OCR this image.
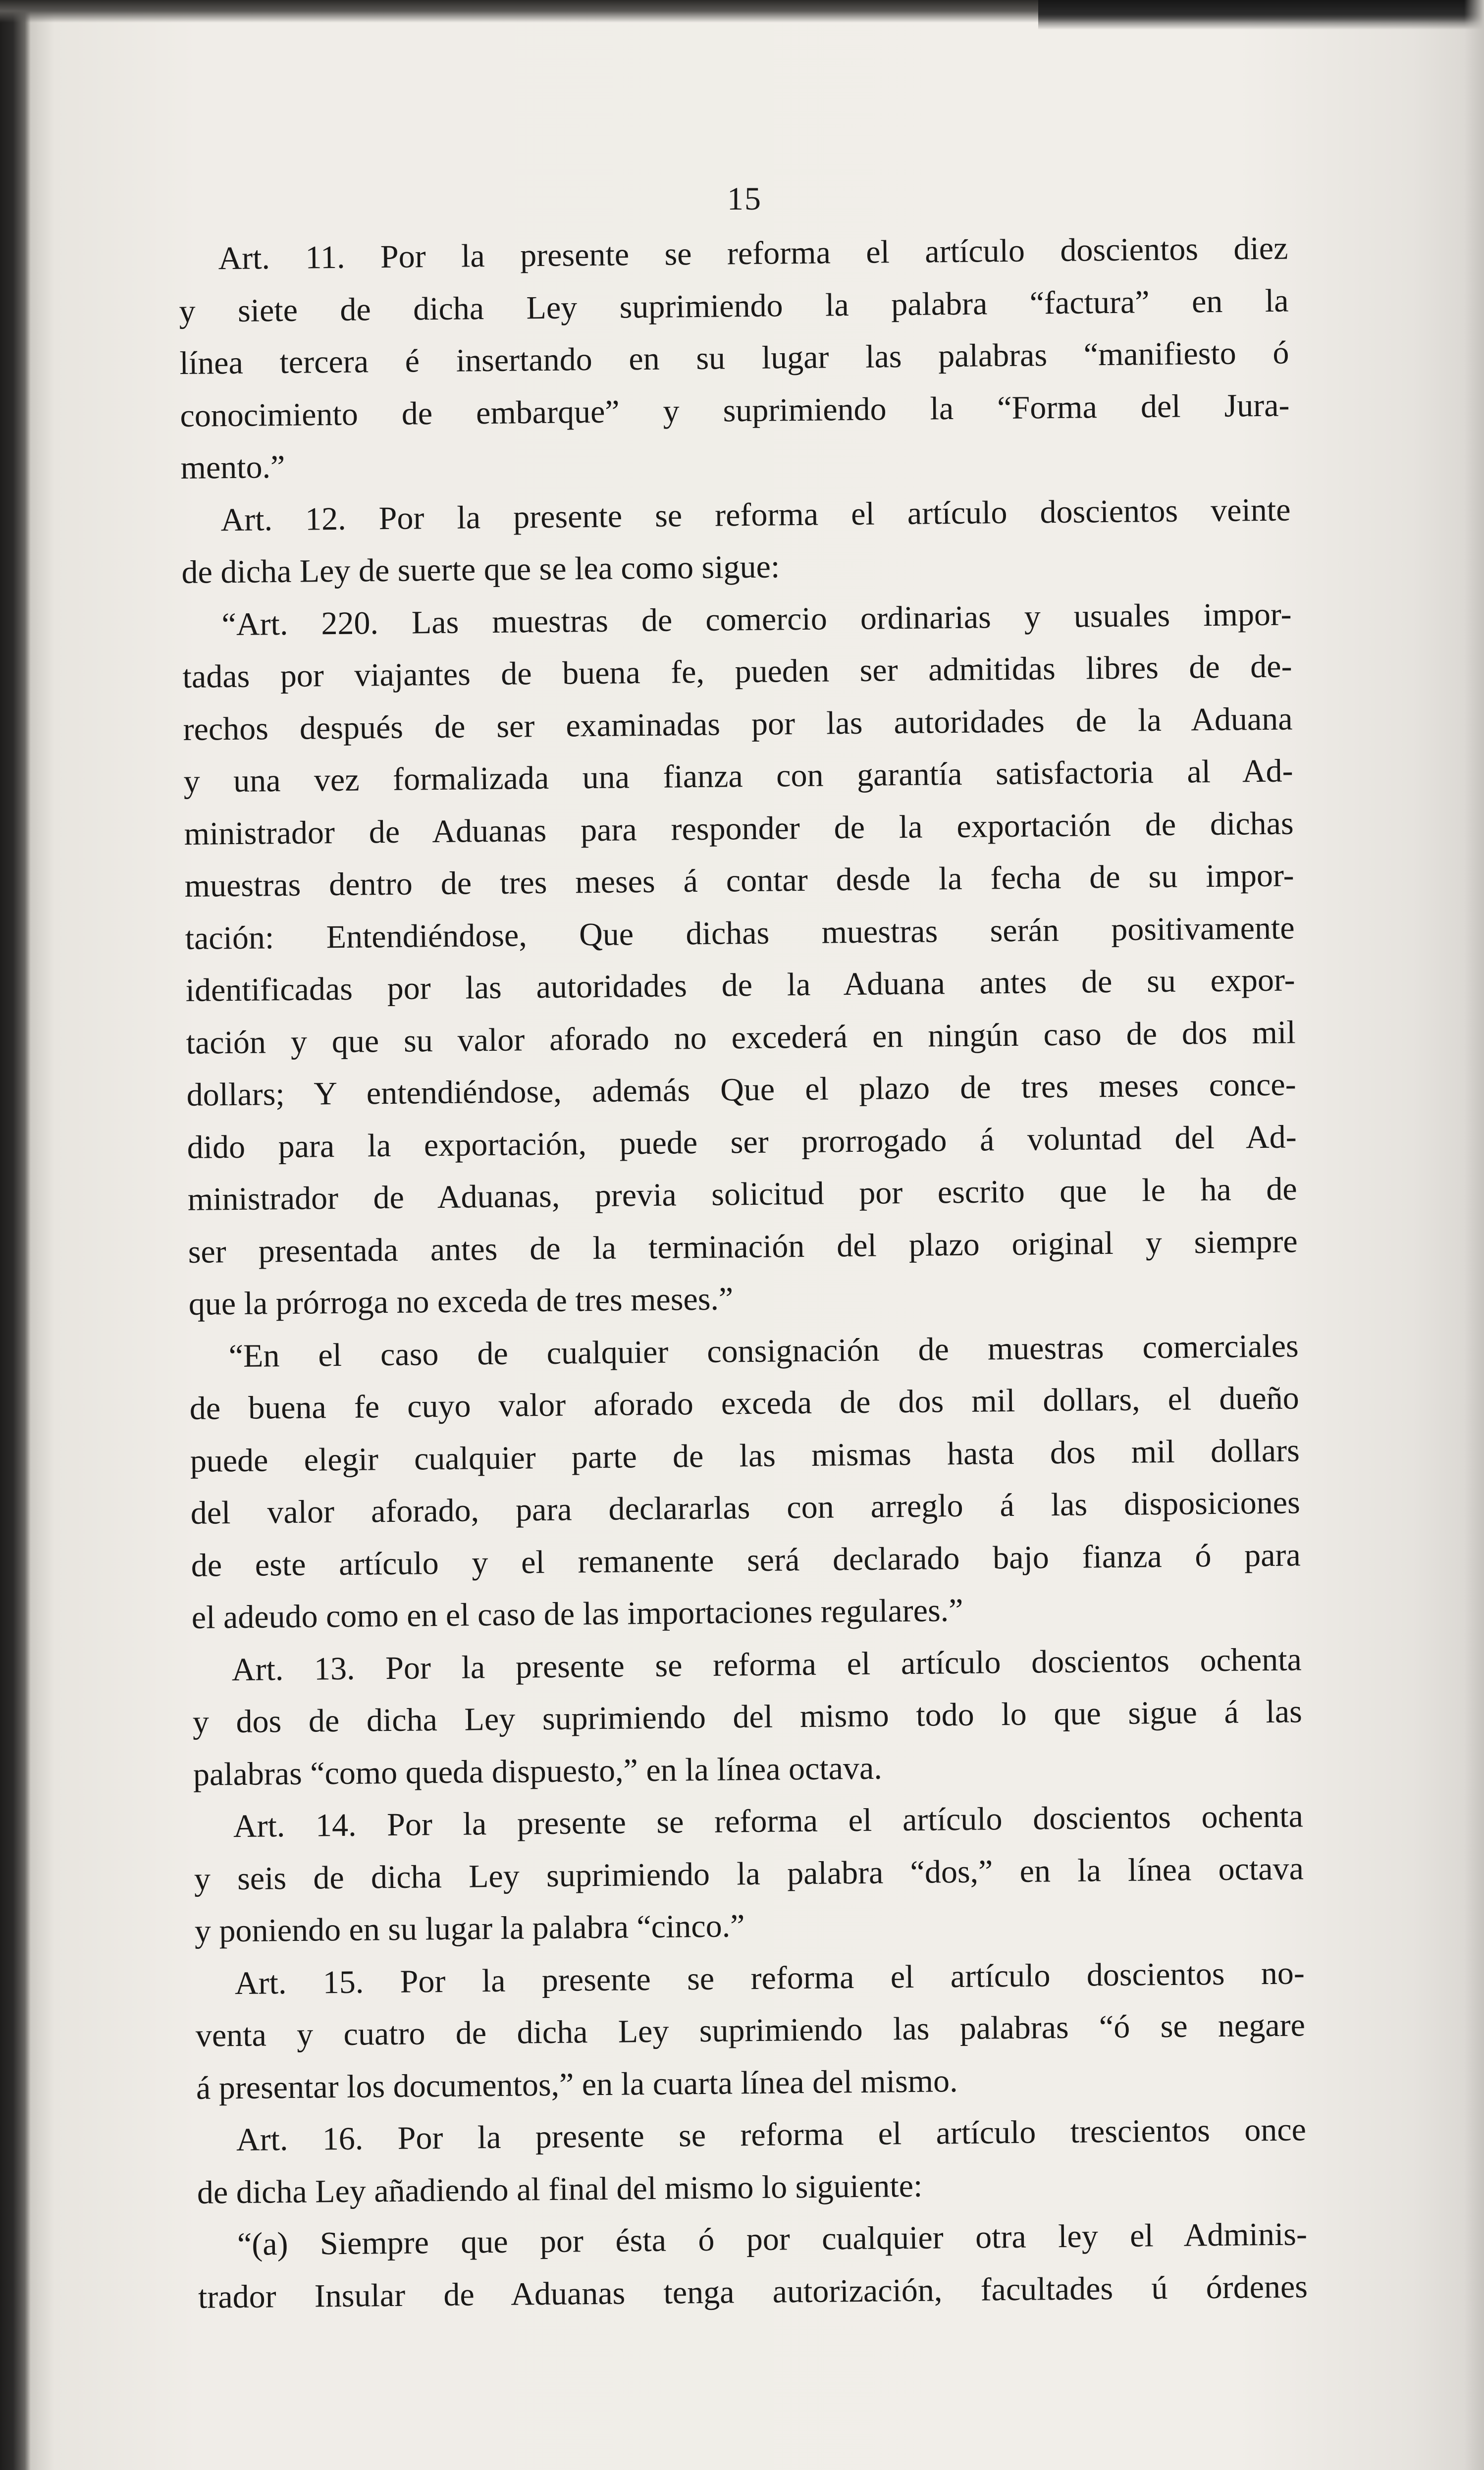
15
Art. 11. Por la presente se reforma el artículo doscientos diez
y siete de dicha Ley suprimiendo la palabra “factura” en la
línea tercera é insertando en su lugar las palabras “manifiesto ó
conocimiento de embarque” y suprimiendo la “Forma del Jura-
mento.”
Art. 12. Por la presente se reforma el artículo doscientos veinte
de dicha Ley de suerte que se lea como sigue:
“Art. 220. Las muestras de comercio ordinarias y usuales impor-
tadas por viajantes de buena fe, pueden ser admitidas libres de de-
rechos después de ser examinadas por las autoridades de la Aduana
y una vez formalizada una fianza con garantía satisfactoria al Ad-
ministrador de Aduanas para responder de la exportación de dichas
muestras dentro de tres meses á contar desde la fecha de su impor-
tación: Entendiéndose, Que dichas muestras serán positivamente
identificadas por las autoridades de la Aduana antes de su expor-
tación y que su valor aforado no excederá en ningún caso de dos mil
dollars; Y entendiéndose, además Que el plazo de tres meses conce-
dido para la exportación, puede ser prorrogado á voluntad del Ad-
ministrador de Aduanas, previa solicitud por escrito que le ha de
ser presentada antes de la terminación del plazo original y siempre
que la prórroga no exceda de tres meses.”
“En el caso de cualquier consignación de muestras comerciales
de buena fe cuyo valor aforado exceda de dos mil dollars, el dueño
puede elegir cualquier parte de las mismas hasta dos mil dollars
del valor aforado, para declararlas con arreglo á las disposiciones
de este artículo y el remanente será declarado bajo fianza ó para
el adeudo como en el caso de las importaciones regulares.”
Art. 13. Por la presente se reforma el artículo doscientos ochenta
y dos de dicha Ley suprimiendo del mismo todo lo que sigue á las
palabras “como queda dispuesto,” en la línea octava.
Art. 14. Por la presente se reforma el artículo doscientos ochenta
y seis de dicha Ley suprimiendo la palabra “dos,” en la línea octava
y poniendo en su lugar la palabra “cinco.”
Art. 15. Por la presente se reforma el artículo doscientos no-
venta y cuatro de dicha Ley suprimiendo las palabras “ó se negare
á presentar los documentos,” en la cuarta línea del mismo.
Art. 16. Por la presente se reforma el artículo trescientos once
de dicha Ley añadiendo al final del mismo lo siguiente:
“(a) Siempre que por ésta ó por cualquier otra ley el Adminis-
trador Insular de Aduanas tenga autorización, facultades ú órdenes
